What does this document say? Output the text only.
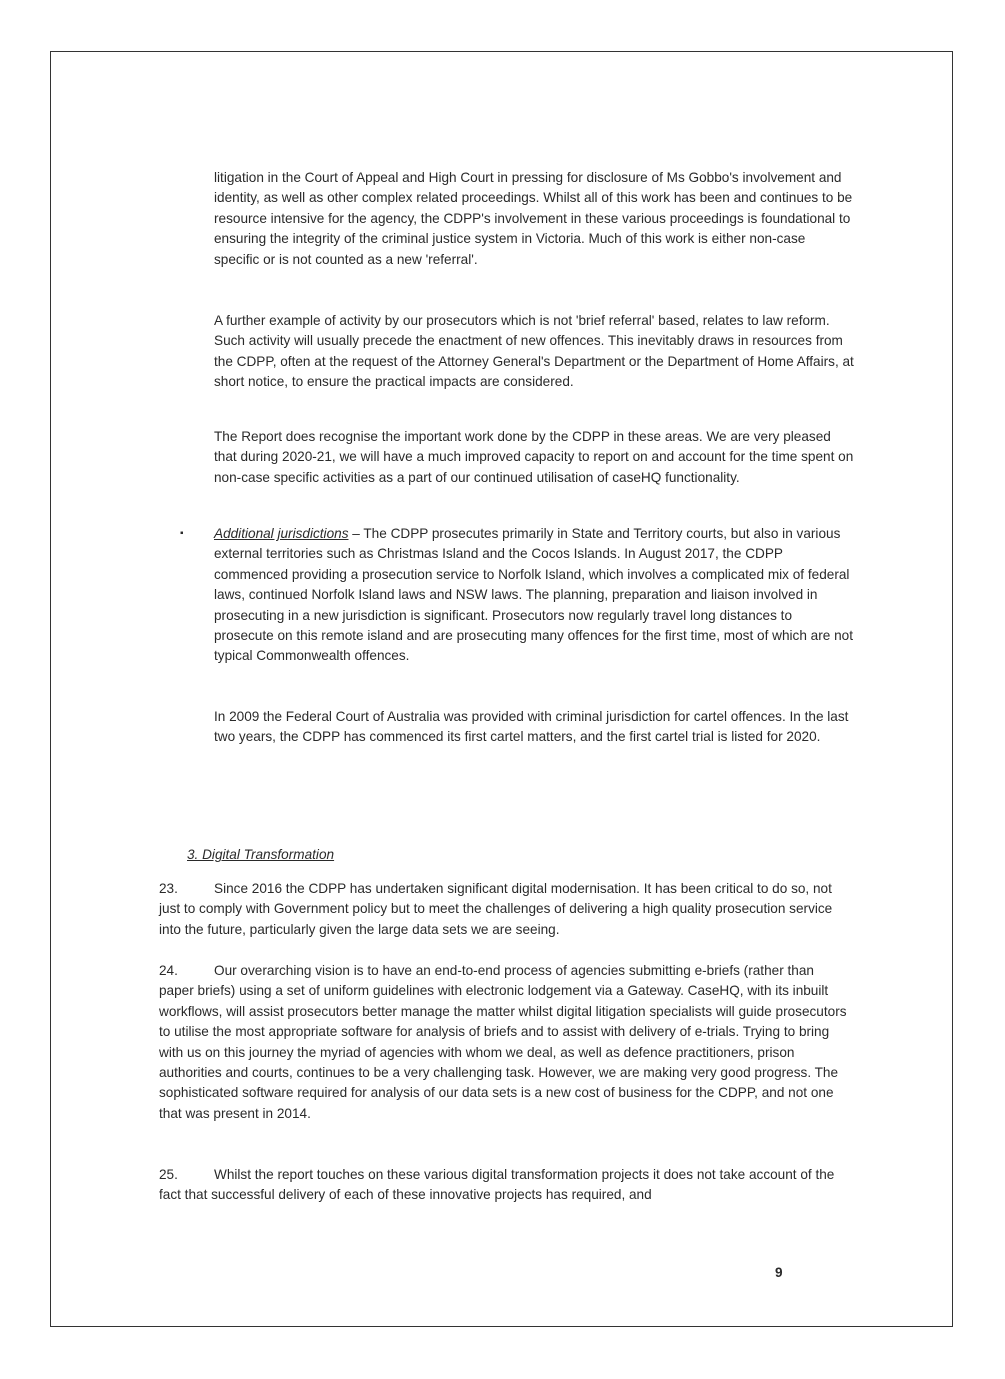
litigation in the Court of Appeal and High Court in pressing for disclosure of Ms Gobbo's involvement and identity, as well as other complex related proceedings. Whilst all of this work has been and continues to be resource intensive for the agency, the CDPP's involvement in these various proceedings is foundational to ensuring the integrity of the criminal justice system in Victoria. Much of this work is either non-case specific or is not counted as a new 'referral'.

A further example of activity by our prosecutors which is not 'brief referral' based, relates to law reform. Such activity will usually precede the enactment of new offences. This inevitably draws in resources from the CDPP, often at the request of the Attorney General's Department or the Department of Home Affairs, at short notice, to ensure the practical impacts are considered.

The Report does recognise the important work done by the CDPP in these areas. We are very pleased that during 2020-21, we will have a much improved capacity to report on and account for the time spent on non-case specific activities as a part of our continued utilisation of caseHQ functionality.

▪ Additional jurisdictions – The CDPP prosecutes primarily in State and Territory courts, but also in various external territories such as Christmas Island and the Cocos Islands. In August 2017, the CDPP commenced providing a prosecution service to Norfolk Island, which involves a complicated mix of federal laws, continued Norfolk Island laws and NSW laws. The planning, preparation and liaison involved in prosecuting in a new jurisdiction is significant. Prosecutors now regularly travel long distances to prosecute on this remote island and are prosecuting many offences for the first time, most of which are not typical Commonwealth offences.

In 2009 the Federal Court of Australia was provided with criminal jurisdiction for cartel offences. In the last two years, the CDPP has commenced its first cartel matters, and the first cartel trial is listed for 2020.

3. Digital Transformation

23.	Since 2016 the CDPP has undertaken significant digital modernisation. It has been critical to do so, not just to comply with Government policy but to meet the challenges of delivering a high quality prosecution service into the future, particularly given the large data sets we are seeing.

24.	Our overarching vision is to have an end-to-end process of agencies submitting e-briefs (rather than paper briefs) using a set of uniform guidelines with electronic lodgement via a Gateway. CaseHQ, with its inbuilt workflows, will assist prosecutors better manage the matter whilst digital litigation specialists will guide prosecutors to utilise the most appropriate software for analysis of briefs and to assist with delivery of e-trials. Trying to bring with us on this journey the myriad of agencies with whom we deal, as well as defence practitioners, prison authorities and courts, continues to be a very challenging task. However, we are making very good progress. The sophisticated software required for analysis of our data sets is a new cost of business for the CDPP, and not one that was present in 2014.

25.	Whilst the report touches on these various digital transformation projects it does not take account of the fact that successful delivery of each of these innovative projects has required, and

9
